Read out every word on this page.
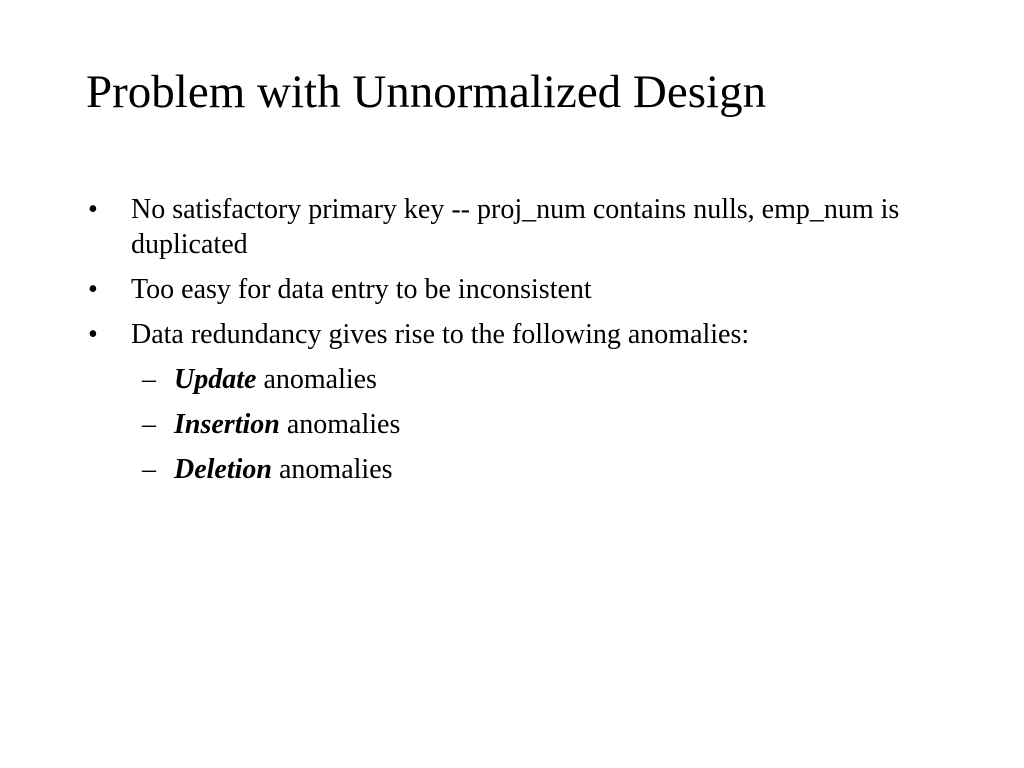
Problem with Unnormalized Design
•	No satisfactory primary key -- proj_num contains nulls, emp_num is duplicated
•	Too easy for data entry to be inconsistent
•	Data redundancy gives rise to the following anomalies:
– Update anomalies
– Insertion anomalies
– Deletion anomalies
